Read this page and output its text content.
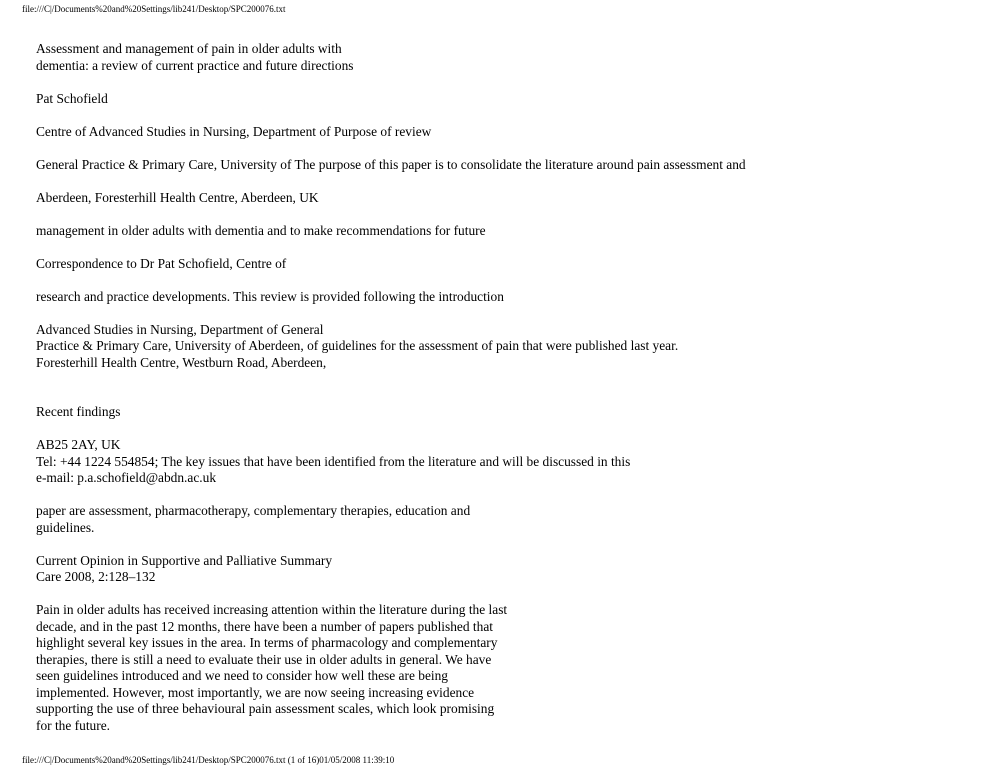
file:///C|/Documents%20and%20Settings/lib241/Desktop/SPC200076.txt

Assessment and management of pain in older adults with
dementia: a review of current practice and future directions

Pat Schofield

Centre of Advanced Studies in Nursing, Department of Purpose of review

General Practice & Primary Care, University of The purpose of this paper is to consolidate the literature around pain assessment and

Aberdeen, Foresterhill Health Centre, Aberdeen, UK

management in older adults with dementia and to make recommendations for future

Correspondence to Dr Pat Schofield, Centre of

research and practice developments. This review is provided following the introduction

Advanced Studies in Nursing, Department of General
Practice & Primary Care, University of Aberdeen, of guidelines for the assessment of pain that were published last year.
Foresterhill Health Centre, Westburn Road, Aberdeen,

Recent findings

AB25 2AY, UK
Tel: +44 1224 554854; The key issues that have been identified from the literature and will be discussed in this
e-mail: p.a.schofield@abdn.ac.uk

paper are assessment, pharmacotherapy, complementary therapies, education and
guidelines.

Current Opinion in Supportive and Palliative Summary
Care 2008, 2:128–132

Pain in older adults has received increasing attention within the literature during the last
decade, and in the past 12 months, there have been a number of papers published that
highlight several key issues in the area. In terms of pharmacology and complementary
therapies, there is still a need to evaluate their use in older adults in general. We have
seen guidelines introduced and we need to consider how well these are being
implemented. However, most importantly, we are now seeing increasing evidence
supporting the use of three behavioural pain assessment scales, which look promising
for the future.

file:///C|/Documents%20and%20Settings/lib241/Desktop/SPC200076.txt (1 of 16)01/05/2008 11:39:10
